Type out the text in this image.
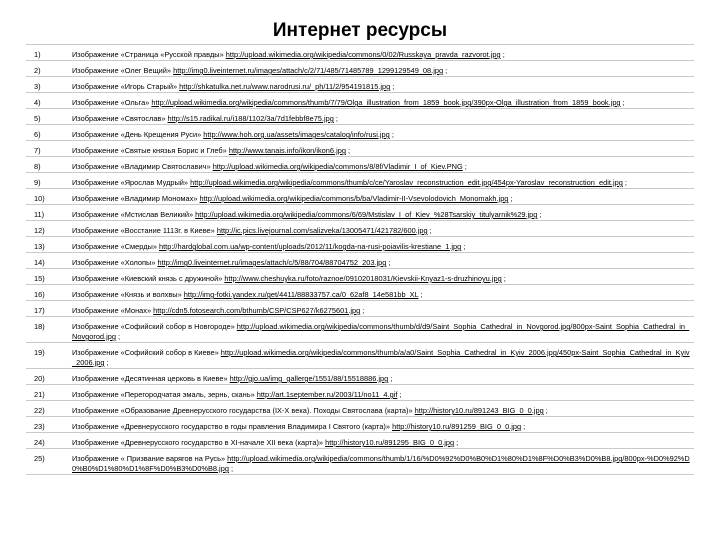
Интернет ресурсы
1)	Изображение «Страница «Русской правды» http://upload.wikimedia.org/wikipedia/commons/0/02/Russkaya_pravda_razvorot.jpg ;
2)	Изображение «Олег Вещий» http://img0.liveinternet.ru/images/attach/c/2/71/485/71485789_1299129549_08.jpg ;
3)	Изображение «Игорь Старый» http://shkatulka.net.ru/www.narodrusi.ru/_ph/11/2/954191815.jpg ;
4)	Изображение «Ольга» http://upload.wikimedia.org/wikipedia/commons/thumb/7/79/Olga_illustration_from_1859_book.jpg/390px-Olga_illustration_from_1859_book.jpg ;
5)	Изображение «Святослав» http://s15.radikal.ru/i188/1102/3a/7d1febbf8e75.jpg ;
6)	Изображение «День Крещения Руси» http://www.hoh.org.ua/assets/images/catalog/info/rusi.jpg ;
7)	Изображение «Святые князья Борис и Глеб» http://www.tanais.info/ikon/ikon6.jpg ;
8)	Изображение «Владимир Святославич» http://upload.wikimedia.org/wikipedia/commons/8/8f/Vladimir_I_of_Kiev.PNG ;
9)	Изображение «Ярослав Мудрый» http://upload.wikimedia.org/wikipedia/commons/thumb/c/ce/Yaroslav_reconstruction_edit.jpg/454px-Yaroslav_reconstruction_edit.jpg ;
10)	Изображение «Владимир Мономах» http://upload.wikimedia.org/wikipedia/commons/b/ba/Vladimir-II-Vsevolodovich_Monomakh.jpg ;
11)	Изображение «Мстислав Великий» http://upload.wikimedia.org/wikipedia/commons/6/69/Mstislav_I_of_Kiev_%28Tsarskiy_titulyarnik%29.jpg ;
12)	Изображение «Восстание 1113г. в Киеве» http://ic.pics.livejournal.com/salizveka/13005471/421782/600.jpg ;
13)	Изображение «Смерды» http://hardglobal.com.ua/wp-content/uploads/2012/11/kogda-na-rusi-poiavilis-krestiane_1.jpg ;
14)	Изображение «Холопы» http://img0.liveinternet.ru/images/attach/c/5/88/704/88704752_203.jpg ;
15)	Изображение «Киевский князь с дружиной» http://www.cheshuyka.ru/foto/raznoe/09102018031/Kievskii-Knyaz1-s-druzhinoyu.jpg ;
16)	Изображение «Князь и волхвы» http://img-fotki.yandex.ru/get/4411/88833757.ca/0_62af8_14e581bb_XL ;
17)	Изображение «Монах» http://cdn5.fotosearch.com/bthumb/CSP/CSP627/k6275601.jpg ;
18)	Изображение «Софийский собор в Новгороде» http://upload.wikimedia.org/wikipedia/commons/thumb/d/d9/Saint_Sophia_Cathedral_in_Novgorod.jpg/800px-Saint_Sophia_Cathedral_in_Novgorod.jpg ;
19)	Изображение «Софийский собор в Киеве» http://upload.wikimedia.org/wikipedia/commons/thumb/a/a0/Saint_Sophia_Cathedral_in_Kyiv_2006.jpg/450px-Saint_Sophia_Cathedral_in_Kyiv_2006.jpg ;
20)	Изображение «Десятинная церковь в Киеве» http://gjo.ua/img_gallerge/1551/88/15518886.jpg ;
21)	Изображение «Перегородчатая эмаль, зернь, скань» http://art.1september.ru/2003/11/no11_4.gif ;
22)	Изображение «Образование Древнерусского государства (IX-X века). Походы Святослава (карта)» http://history10.ru/891243_BIG_0_0.jpg ;
23)	Изображение «Древнерусского государство в годы правления Владимира I Святого (карта)» http://history10.ru/891259_BIG_0_0.jpg ;
24)	Изображение «Древнерусского государство в XI-начале XII века (карта)» http://history10.ru/891295_BIG_0_0.jpg ;
25)	Изображение « Призвание варягов на Русь» http://upload.wikimedia.org/wikipedia/commons/thumb/1/16/%D0%92%D0%B0%D1%80%D1%8F%D0%B3%D0%B8.jpg/800px-%D0%92%D0%B0%D1%80%D1%8F%D0%B3%D0%B8.jpg ;
